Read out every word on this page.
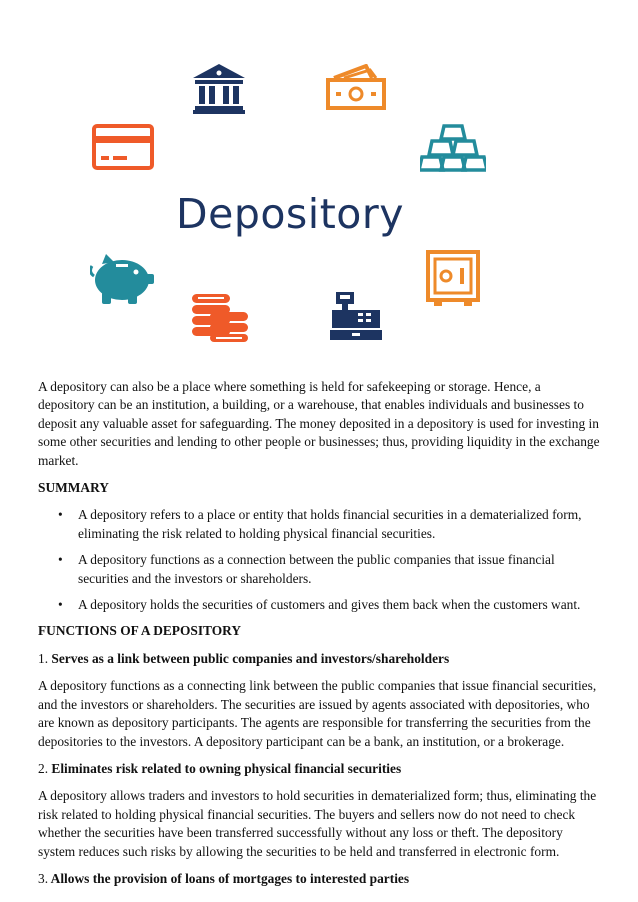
Depository

A depository can also be a place where something is held for safekeeping or storage. Hence, a depository can be an institution, a building, or a warehouse, that enables individuals and businesses to deposit any valuable asset for safeguarding. The money deposited in a depository is used for investing in some other securities and lending to other people or businesses; thus, providing liquidity in the exchange market.

SUMMARY
• A depository refers to a place or entity that holds financial securities in a dematerialized form, eliminating the risk related to holding physical financial securities.
• A depository functions as a connection between the public companies that issue financial securities and the investors or shareholders.
• A depository holds the securities of customers and gives them back when the customers want.
FUNCTIONS OF A DEPOSITORY
1. Serves as a link between public companies and investors/shareholders

A depository functions as a connecting link between the public companies that issue financial securities, and the investors or shareholders. The securities are issued by agents associated with depositories, who are known as depository participants. The agents are responsible for transferring the securities from the depositories to the investors. A depository participant can be a bank, an institution, or a brokerage.

2. Eliminates risk related to owning physical financial securities

A depository allows traders and investors to hold securities in dematerialized form; thus, eliminating the risk related to holding physical financial securities. The buyers and sellers now do not need to check whether the securities have been transferred successfully without any loss or theft. The depository system reduces such risks by allowing the securities to be held and transferred in electronic form.

3. Allows the provision of loans of mortgages to interested parties
